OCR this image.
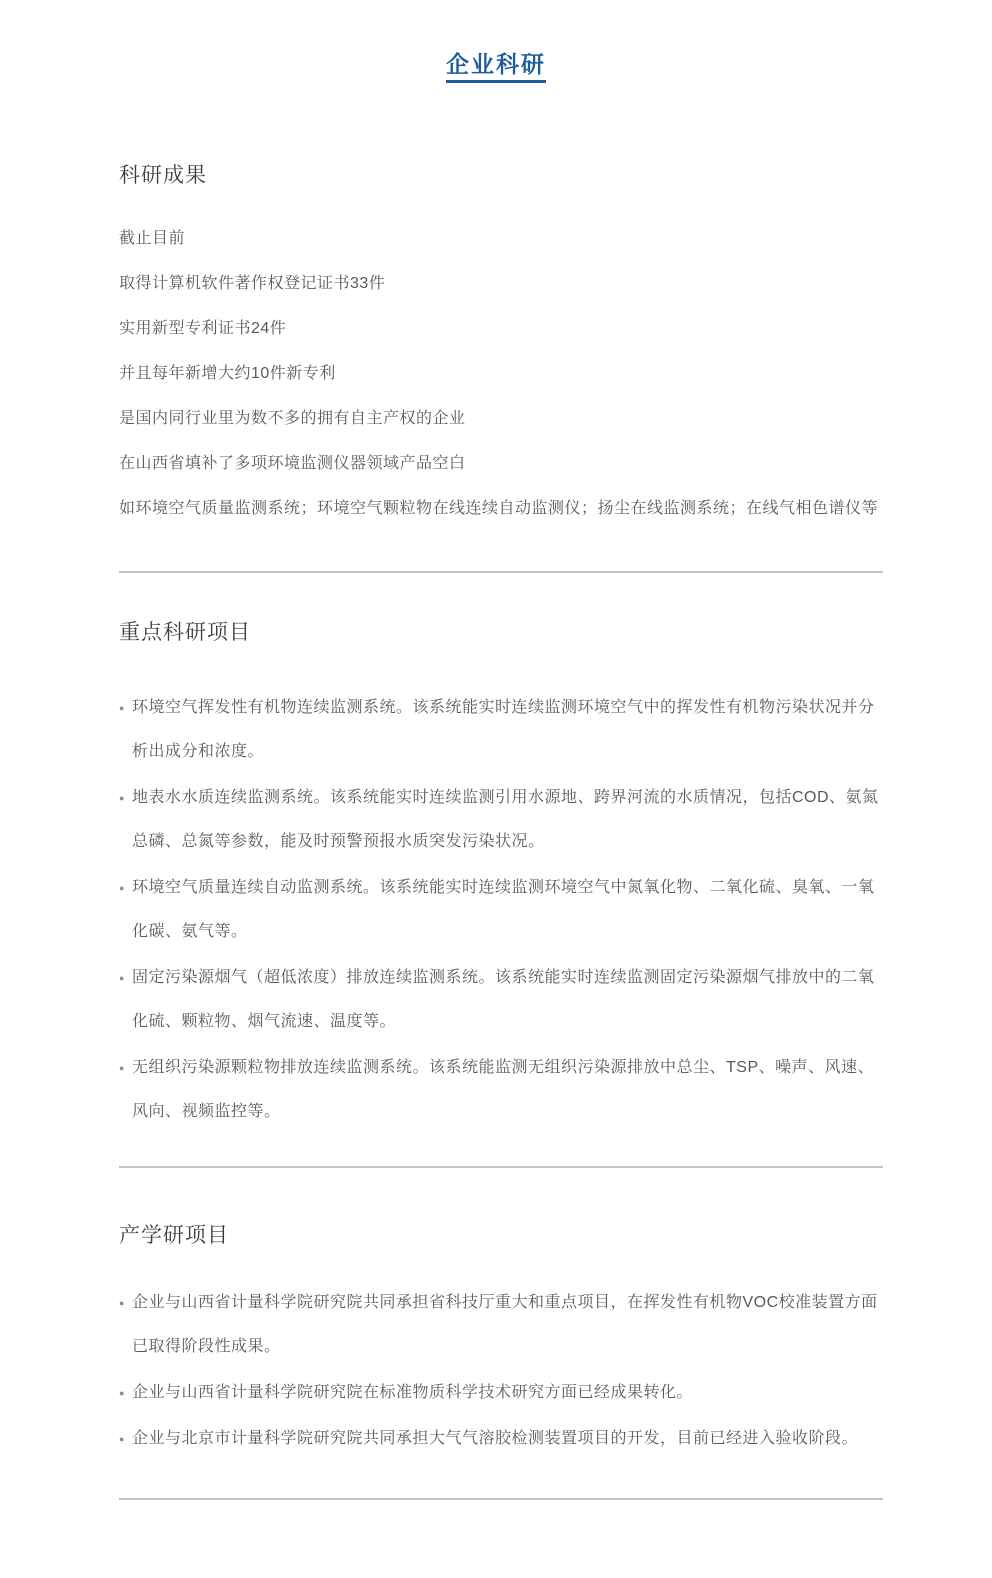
企业科研
科研成果

截止目前

取得计算机软件著作权登记证书33件

实用新型专利证书24件

并且每年新增大约10件新专利

是国内同行业里为数不多的拥有自主产权的企业

在山西省填补了多项环境监测仪器领域产品空白

如环境空气质量监测系统；环境空气颗粒物在线连续自动监测仪；扬尘在线监测系统；在线气相色谱仪等

重点科研项目
● 环境空气挥发性有机物连续监测系统。该系统能实时连续监测环境空气中的挥发性有机物污染状况并分析出成分和浓度。
● 地表水水质连续监测系统。该系统能实时连续监测引用水源地、跨界河流的水质情况，包括COD、氨氮总磷、总氮等参数，能及时预警预报水质突发污染状况。
● 环境空气质量连续自动监测系统。该系统能实时连续监测环境空气中氮氧化物、二氧化硫、臭氧、一氧化碳、氨气等。
● 固定污染源烟气（超低浓度）排放连续监测系统。该系统能实时连续监测固定污染源烟气排放中的二氧化硫、颗粒物、烟气流速、温度等。
● 无组织污染源颗粒物排放连续监测系统。该系统能监测无组织污染源排放中总尘、TSP、噪声、风速、风向、视频监控等。
产学研项目
● 企业与山西省计量科学院研究院共同承担省科技厅重大和重点项目，在挥发性有机物VOC校准装置方面已取得阶段性成果。
● 企业与山西省计量科学院研究院在标准物质科学技术研究方面已经成果转化。
● 企业与北京市计量科学院研究院共同承担大气气溶胶检测装置项目的开发，目前已经进入验收阶段。
